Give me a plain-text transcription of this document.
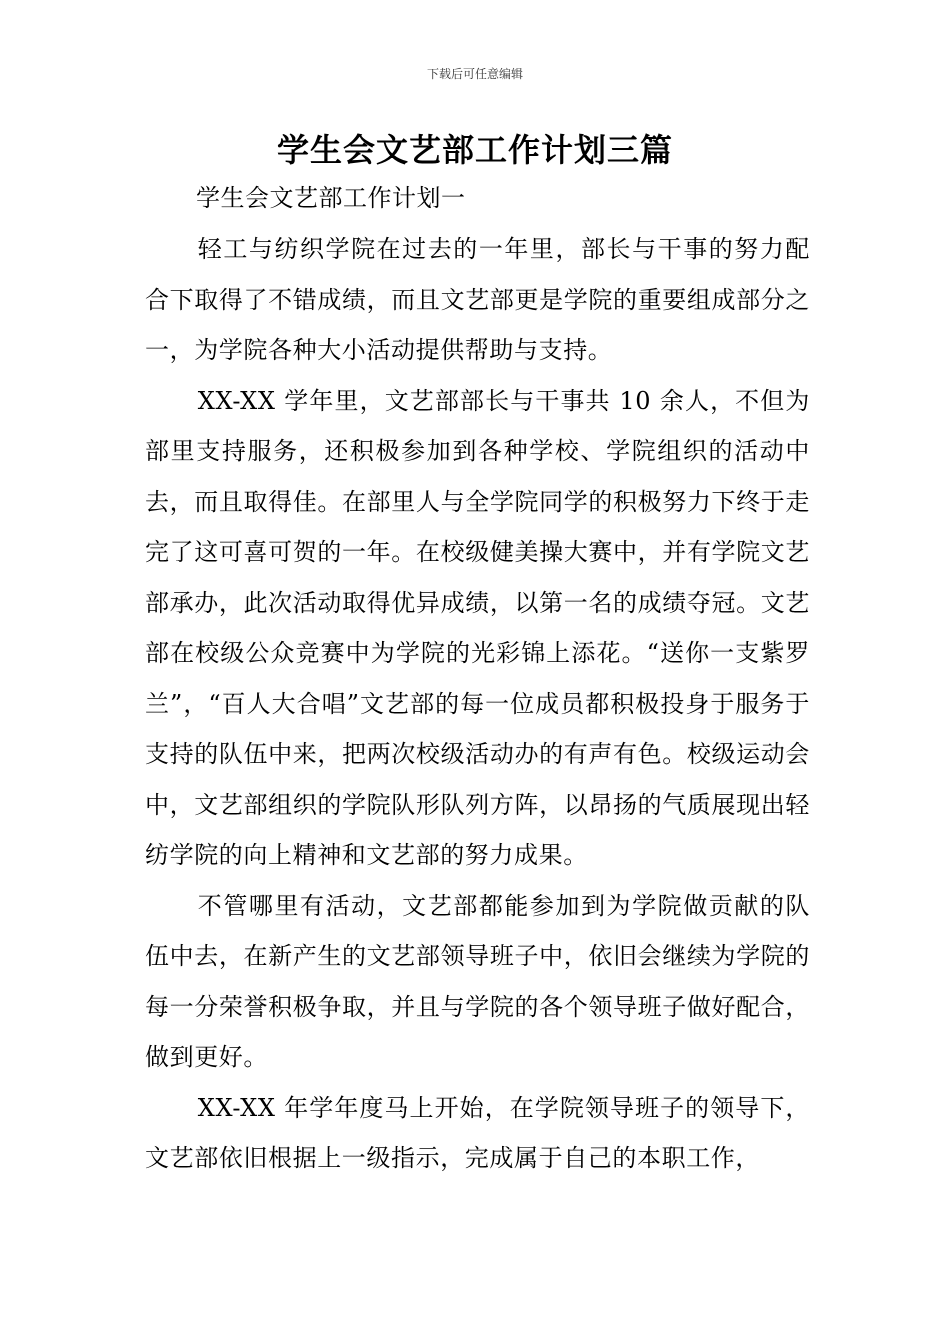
下载后可任意编辑
学生会文艺部工作计划三篇
学生会文艺部工作计划一

轻工与纺织学院在过去的一年里，部长与干事的努力配合下取得了不错成绩，而且文艺部更是学院的重要组成部分之一，为学院各种大小活动提供帮助与支持。

XX-XX 学年里，文艺部部长与干事共 10 余人，不但为部里支持服务，还积极参加到各种学校、学院组织的活动中去，而且取得佳。在部里人与全学院同学的积极努力下终于走完了这可喜可贺的一年。在校级健美操大赛中，并有学院文艺部承办，此次活动取得优异成绩，以第一名的成绩夺冠。文艺部在校级公众竞赛中为学院的光彩锦上添花。“送你一支紫罗兰”，“百人大合唱”文艺部的每一位成员都积极投身于服务于支持的队伍中来，把两次校级活动办的有声有色。校级运动会中，文艺部组织的学院队形队列方阵，以昂扬的气质展现出轻纺学院的向上精神和文艺部的努力成果。

不管哪里有活动，文艺部都能参加到为学院做贡献的队伍中去，在新产生的文艺部领导班子中，依旧会继续为学院的每一分荣誉积极争取，并且与学院的各个领导班子做好配合，做到更好。

XX-XX 年学年度马上开始，在学院领导班子的领导下，文艺部依旧根据上一级指示，完成属于自己的本职工作，
